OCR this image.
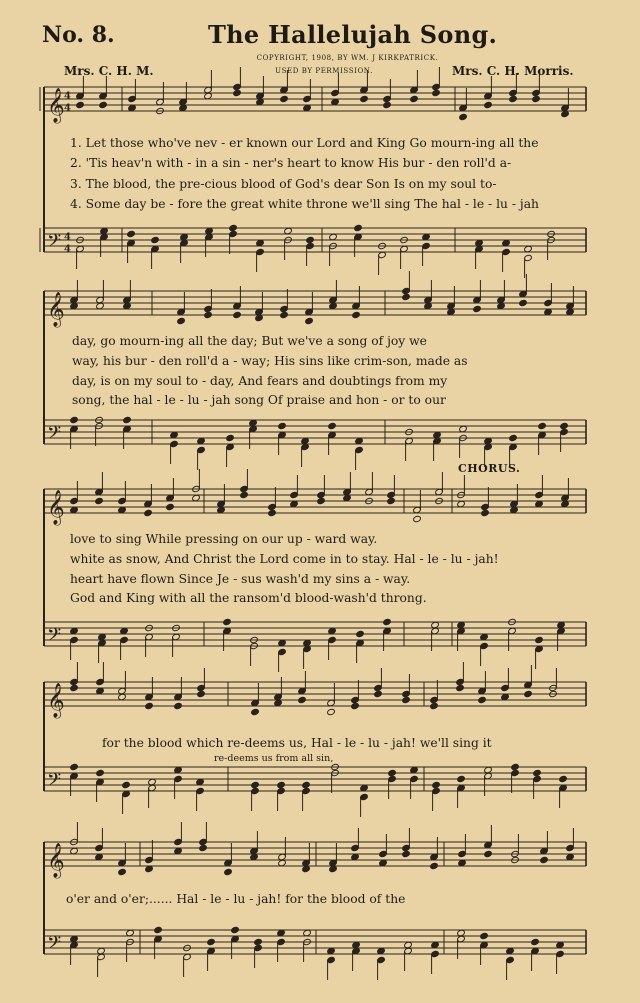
No. 8.	The Hallelujah Song.
COPYRIGHT, 1908, BY WM. J KIRKPATRICK.
USED BY PERMISSION.
Mrs. C. H. M.	Mrs. C. H. Morris.
𝄞 4
4
𝄢 4
4
1. Let those who've nev - er known our Lord and King Go mourn-ing all the
2. 'Tis heav'n with - in a sin - ner's heart to know His bur - den roll'd a-
3. The blood, the pre-cious blood of God's dear Son Is on my soul to-
4. Some day be - fore the great white throne we'll sing The hal - le - lu - jah
𝄞
𝄢
day, go mourn-ing all the day; But we've a song of joy we
way, his bur - den roll'd a - way; His sins like crim-son, made as
day, is on my soul to - day, And fears and doubtings from my
song, the hal - le - lu - jah song Of praise and hon - or to our
CHORUS.
𝄞
𝄢
love to sing While pressing on our up - ward way.
white as snow, And Christ the Lord come in to stay. Hal - le - lu - jah!
heart have flown Since Je - sus wash'd my sins a - way.
God and King with all the ransom'd blood-wash'd throng.
𝄞
𝄢
for the blood which re-deems us, Hal - le - lu - jah! we'll sing it
re-deems us from all sin,
𝄞
𝄢
o'er and o'er;...... Hal - le - lu - jah! for the blood of the
